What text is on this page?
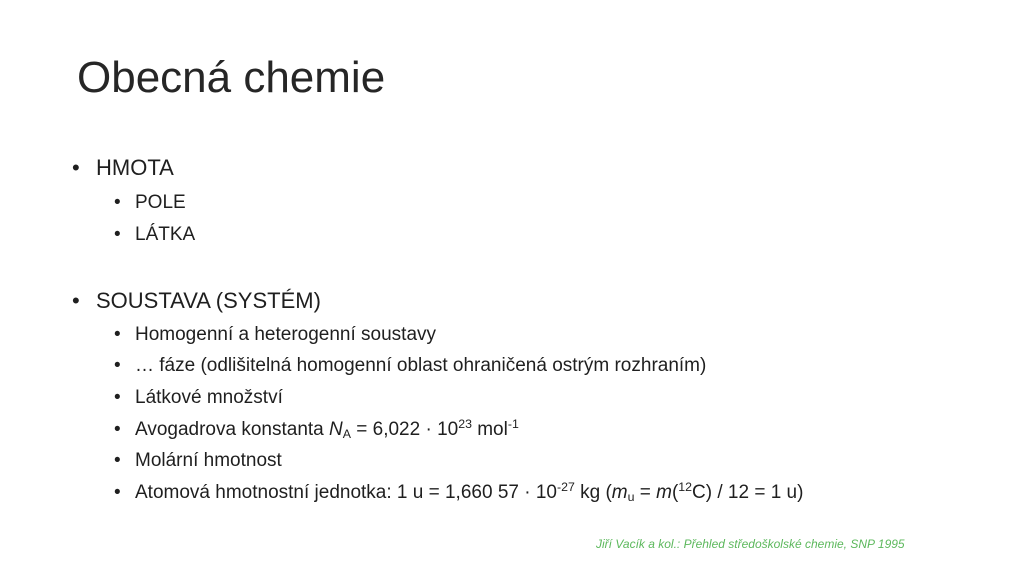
Obecná chemie
• HMOTA
• POLE
• LÁTKA
• SOUSTAVA (SYSTÉM)
• Homogenní a heterogenní soustavy
• … fáze (odlišitelná homogenní oblast ohraničená ostrým rozhraním)
• Látkové množství
• Avogadrova konstanta $N_A = 6,022 \cdot 10^{23}$ mol$^{-1}$
• Molární hmotnost
• Atomová hmotnostní jednotka: 1 u = 1,660 $57 \cdot 10^{-27}$ kg ($m_u = m(^{12}C) / 12 = 1$ u)
Jiří Vacík a kol.: Přehled středoškolské chemie, SNP 1995
